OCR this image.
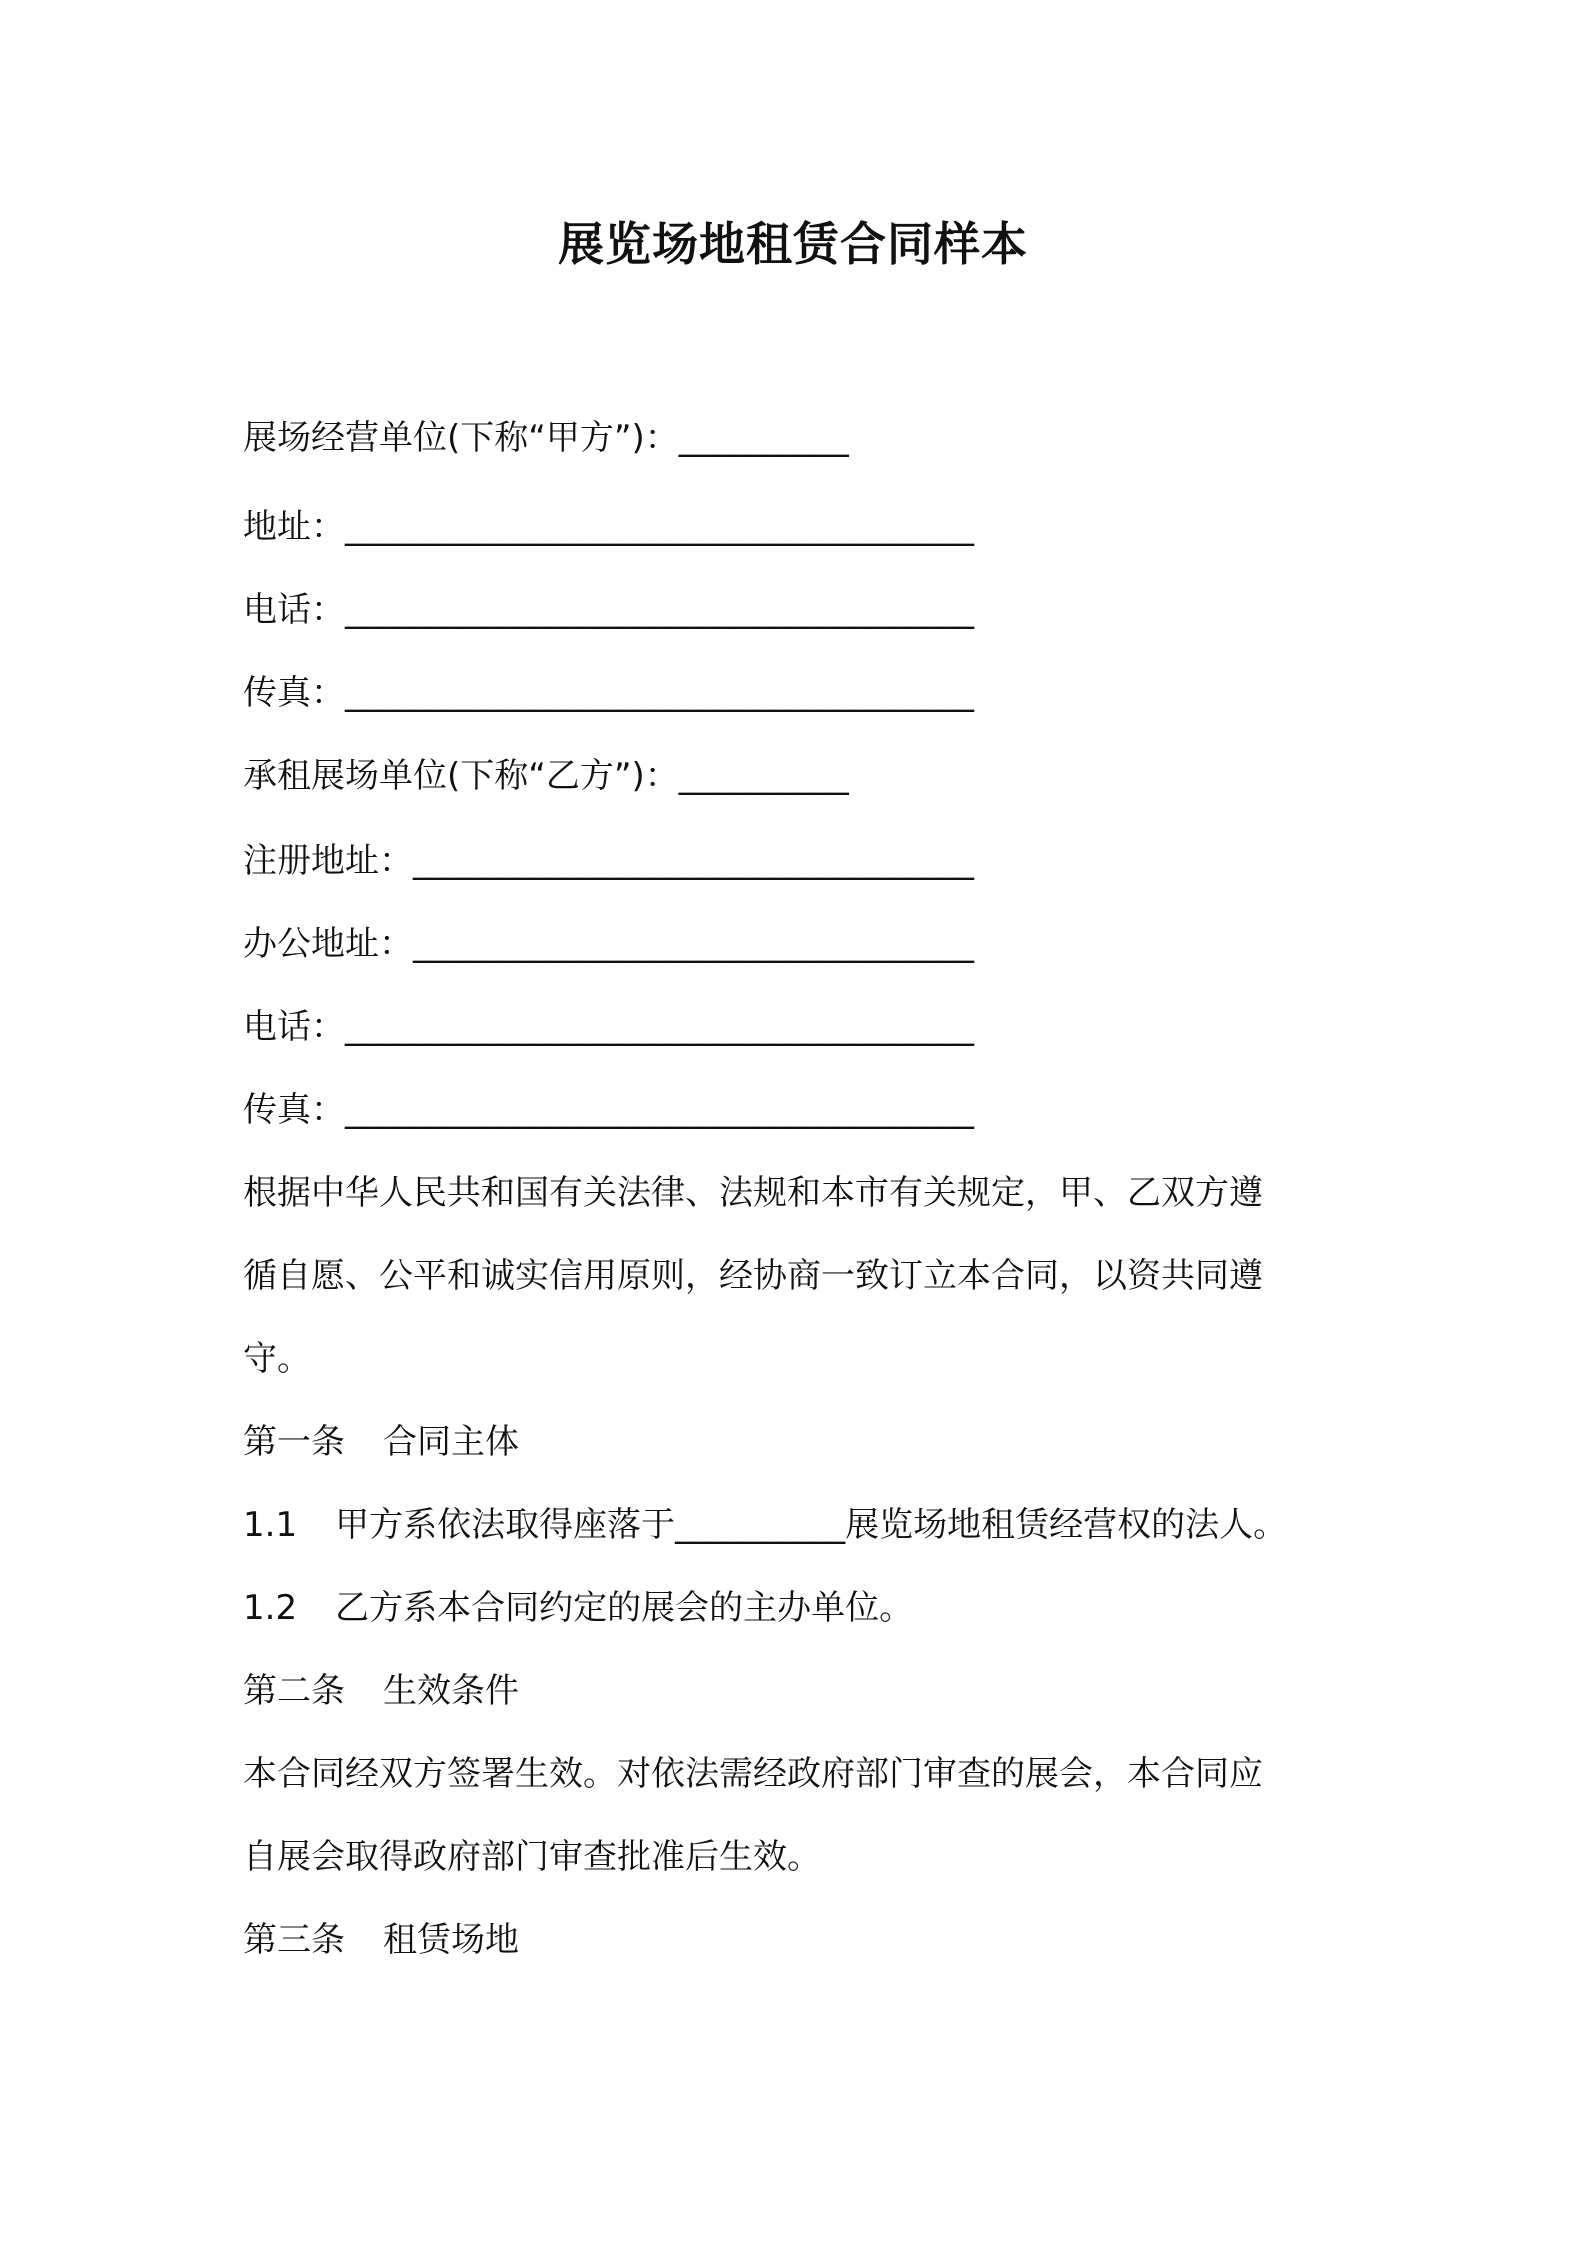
展览场地租赁合同样本
展场经营单位(下称“甲方”)：__________
地址：_____________________________________
电话：_____________________________________
传真：_____________________________________
承租展场单位(下称“乙方”)：__________
注册地址：_________________________________
办公地址：_________________________________
电话：_____________________________________
传真：_____________________________________
根据中华人民共和国有关法律、法规和本市有关规定，甲、乙双方遵
循自愿、公平和诚实信用原则，经协商一致订立本合同，以资共同遵
守。
第一条 合同主体
1.1 甲方系依法取得座落于__________展览场地租赁经营权的法人。
1.2 乙方系本合同约定的展会的主办单位。
第二条 生效条件
本合同经双方签署生效。对依法需经政府部门审查的展会，本合同应
自展会取得政府部门审查批准后生效。
第三条 租赁场地
